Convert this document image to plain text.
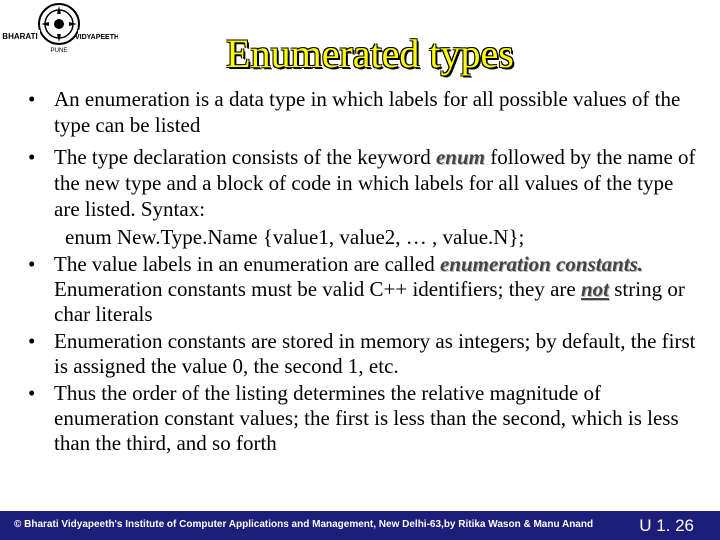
BHARATI	VIDYAPEETH
PUNE	Enumerated types
• An enumeration is a data type in which labels for all possible values of the type can be listed
• The type declaration consists of the keyword enum followed by the name of the new type and a block of code in which labels for all values of the type are listed. Syntax:
enum New.Type.Name {value1, value2, … , value.N};
• The value labels in an enumeration are called enumeration constants. Enumeration constants must be valid C++ identifiers; they are not string or char literals
• Enumeration constants are stored in memory as integers; by default, the first is assigned the value 0, the second 1, etc.
• Thus the order of the listing determines the relative magnitude of enumeration constant values; the first is less than the second, which is less than the third, and so forth
© Bharati Vidyapeeth's Institute of Computer Applications and Management, New Delhi-63,by Ritika Wason & Manu Anand	U 1. 26
